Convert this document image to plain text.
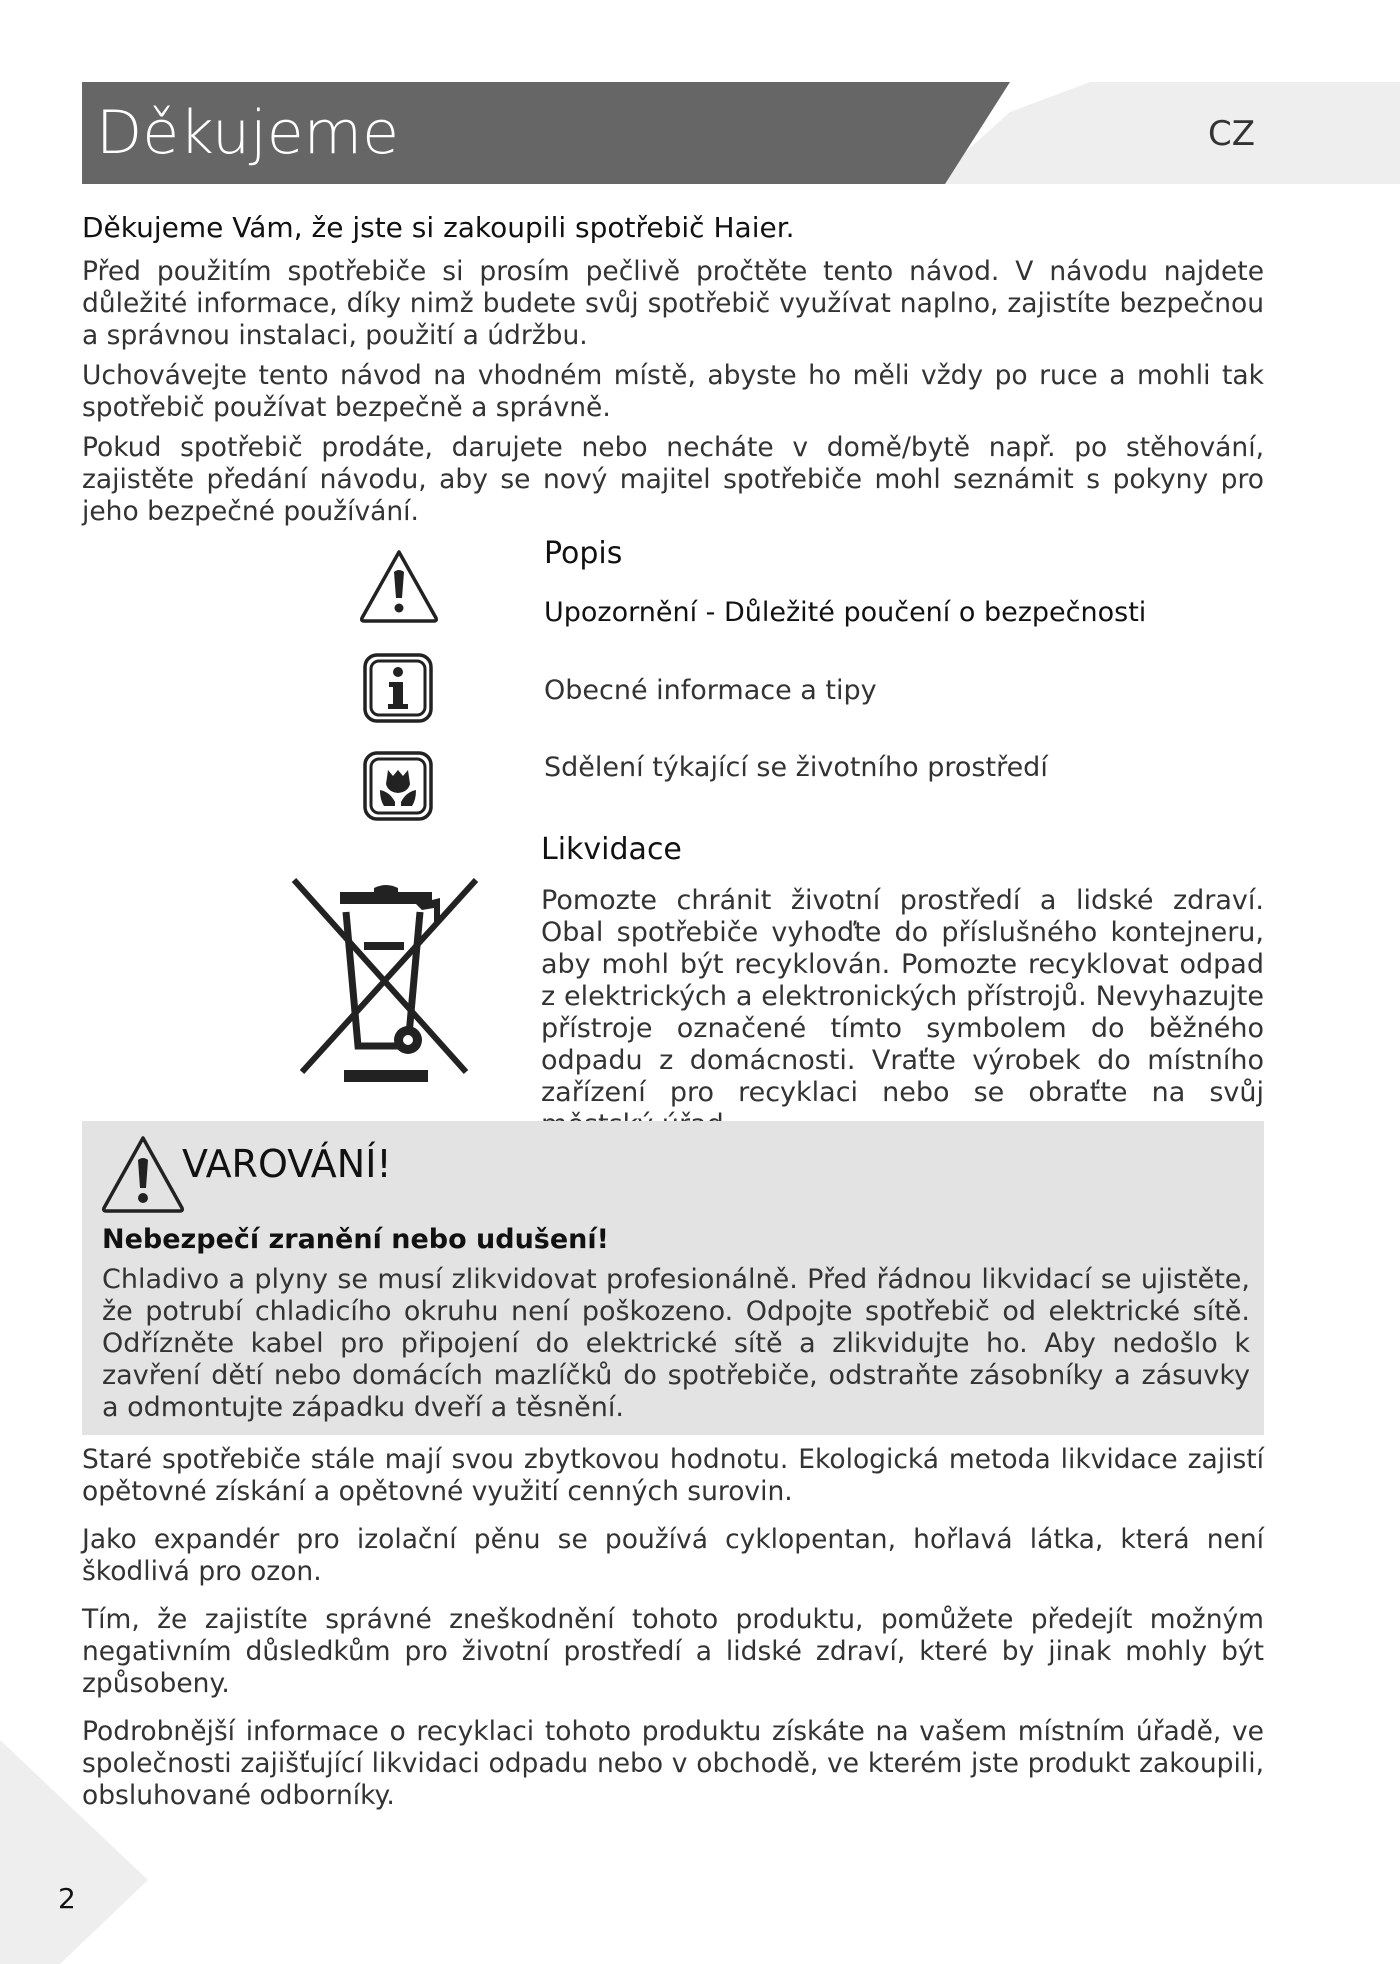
Děkujeme	CZ
Děkujeme Vám, že jste si zakoupili spotřebič Haier.

Před použitím spotřebiče si prosím pečlivě pročtěte tento návod. V návodu najdete důležité informace, díky nimž budete svůj spotřebič využívat naplno, zajistíte bezpečnou a správnou instalaci, použití a údržbu.

Uchovávejte tento návod na vhodném místě, abyste ho měli vždy po ruce a mohli tak spotřebič používat bezpečně a správně.

Pokud spotřebič prodáte, darujete nebo necháte v domě/bytě např. po stěhování, zajistěte předání návodu, aby se nový majitel spotřebiče mohl seznámit s pokyny pro jeho bezpečné používání.

Popis
Upozornění - Důležité poučení o bezpečnosti
Obecné informace a tipy
Sdělení týkající se životního prostředí
Likvidace

Pomozte chránit životní prostředí a lidské zdraví. Obal spotřebiče vyhoďte do příslušného kontejneru, aby mohl být recyklován. Pomozte recyklovat odpad z elektrických a elektronických přístrojů. Nevyhazujte přístroje označené tímto symbolem do běžného odpadu z domácnosti. Vraťte výrobek do místního zařízení pro recyklaci nebo se obraťte na svůj

VAROVÁNÍ!
Nebezpečí zranění nebo udušení!

Chladivo a plyny se musí zlikvidovat profesionálně. Před řádnou likvidací se ujistěte, že potrubí chladicího okruhu není poškozeno. Odpojte spotřebič od elektrické sítě. Odřízněte kabel pro připojení do elektrické sítě a zlikvidujte ho. Aby nedošlo k zavření dětí nebo domácích mazlíčků do spotřebiče, odstraňte zásobníky a zásuvky a odmontujte západku dveří a těsnění.

Staré spotřebiče stále mají svou zbytkovou hodnotu. Ekologická metoda likvidace zajistí opětovné získání a opětovné využití cenných surovin.

Jako expandér pro izolační pěnu se používá cyklopentan, hořlavá látka, která není škodlivá pro ozon.

Tím, že zajistíte správné zneškodnění tohoto produktu, pomůžete předejít možným negativním důsledkům pro životní prostředí a lidské zdraví, které by jinak mohly být způsobeny.

Podrobnější informace o recyklaci tohoto produktu získáte na vašem místním úřadě, ve společnosti zajišťující likvidaci odpadu nebo v obchodě, ve kterém jste produkt zakoupili, obsluhované odborníky.

2
